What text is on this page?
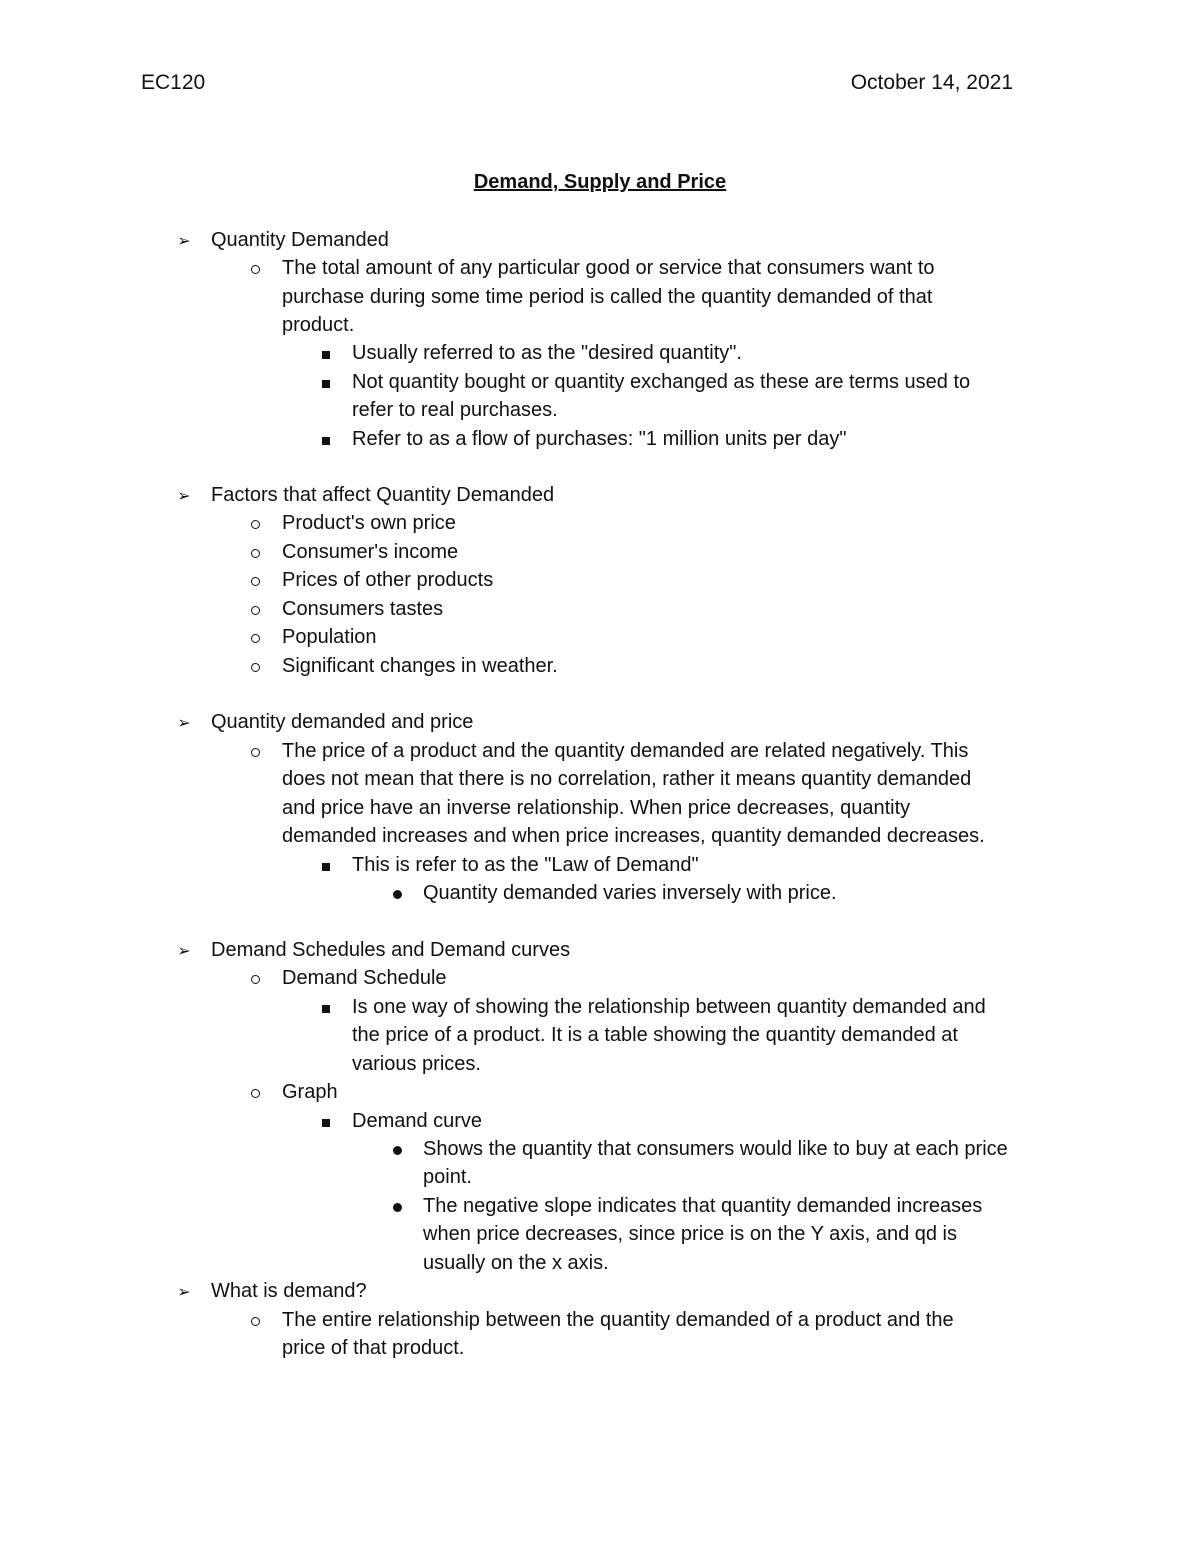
EC120	October 14, 2021
Demand, Supply and Price
➢ Quantity Demanded
The total amount of any particular good or service that consumers want to
purchase during some time period is called the quantity demanded of that
product.
Usually referred to as the "desired quantity".
Not quantity bought or quantity exchanged as these are terms used to
refer to real purchases.
Refer to as a flow of purchases: "1 million units per day"
➢ Factors that affect Quantity Demanded
Product's own price
Consumer's income
Prices of other products
Consumers tastes
Population
Significant changes in weather.
➢ Quantity demanded and price
The price of a product and the quantity demanded are related negatively. This
does not mean that there is no correlation, rather it means quantity demanded
and price have an inverse relationship. When price decreases, quantity
demanded increases and when price increases, quantity demanded decreases.
This is refer to as the "Law of Demand"
Quantity demanded varies inversely with price.
➢ Demand Schedules and Demand curves
Demand Schedule
Is one way of showing the relationship between quantity demanded and
the price of a product. It is a table showing the quantity demanded at
various prices.
Graph
Demand curve
Shows the quantity that consumers would like to buy at each price
point.
The negative slope indicates that quantity demanded increases
when price decreases, since price is on the Y axis, and qd is
usually on the x axis.
➢ What is demand?
The entire relationship between the quantity demanded of a product and the
price of that product.
